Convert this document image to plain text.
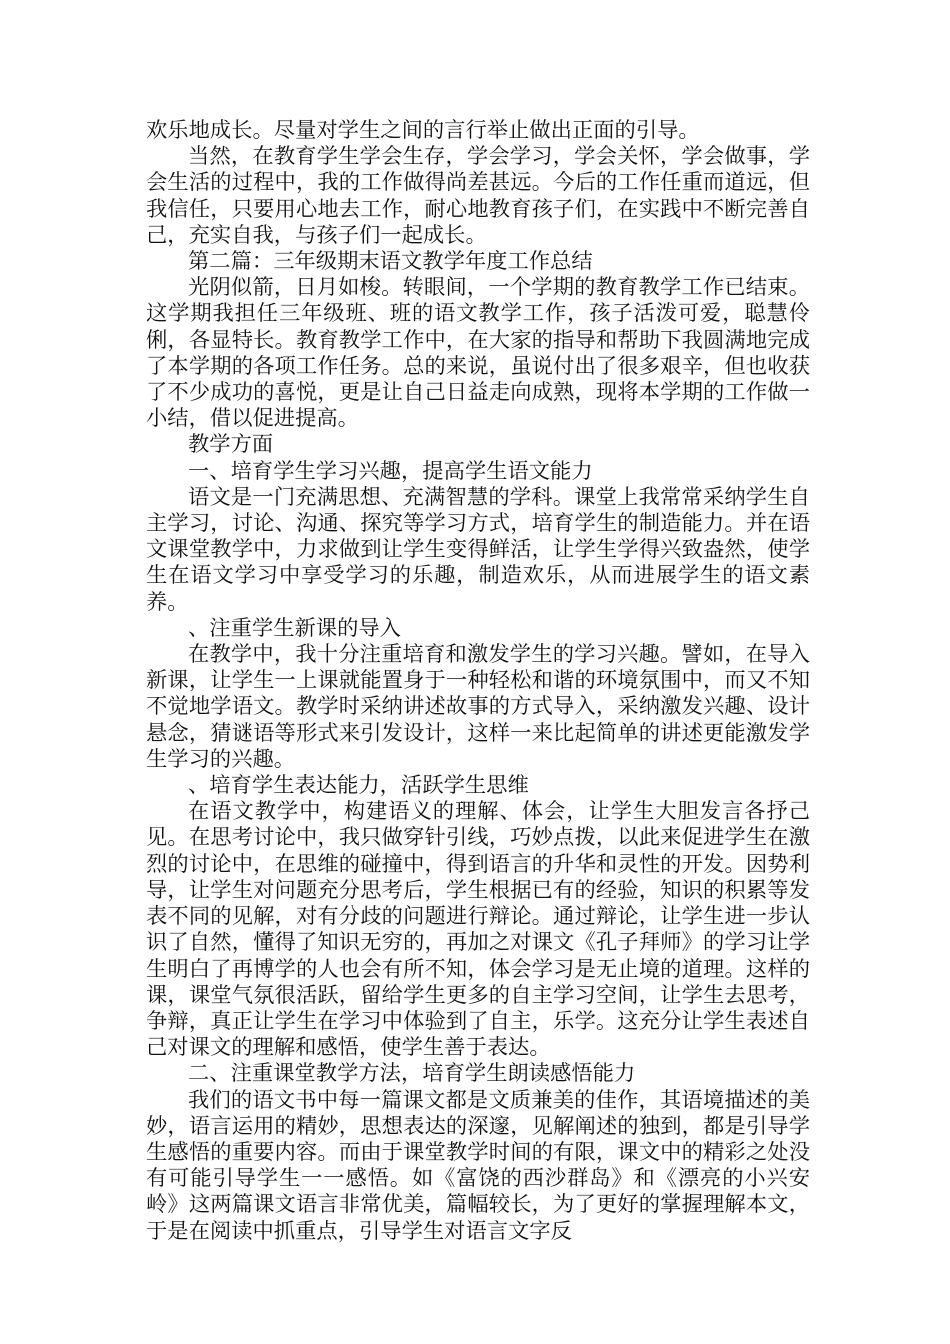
欢乐地成长。尽量对学生之间的言行举止做出正面的引导。

当然，在教育学生学会生存，学会学习，学会关怀，学会做事，学会生活的过程中，我的工作做得尚差甚远。今后的工作任重而道远，但我信任，只要用心地去工作，耐心地教育孩子们，在实践中不断完善自己，充实自我，与孩子们一起成长。

第二篇：三年级期末语文教学年度工作总结

光阴似箭，日月如梭。转眼间，一个学期的教育教学工作已结束。这学期我担任三年级班、班的语文教学工作，孩子活泼可爱，聪慧伶俐，各显特长。教育教学工作中，在大家的指导和帮助下我圆满地完成了本学期的各项工作任务。总的来说，虽说付出了很多艰辛，但也收获了不少成功的喜悦，更是让自己日益走向成熟，现将本学期的工作做一小结，借以促进提高。

教学方面

一、培育学生学习兴趣，提高学生语文能力

语文是一门充满思想、充满智慧的学科。课堂上我常常采纳学生自主学习，讨论、沟通、探究等学习方式，培育学生的制造能力。并在语文课堂教学中，力求做到让学生变得鲜活，让学生学得兴致盎然，使学生在语文学习中享受学习的乐趣，制造欢乐，从而进展学生的语文素养。

、注重学生新课的导入

在教学中，我十分注重培育和激发学生的学习兴趣。譬如，在导入新课，让学生一上课就能置身于一种轻松和谐的环境氛围中，而又不知不觉地学语文。教学时采纳讲述故事的方式导入，采纳激发兴趣、设计悬念，猜谜语等形式来引发设计，这样一来比起简单的讲述更能激发学生学习的兴趣。

、培育学生表达能力，活跃学生思维

在语文教学中，构建语义的理解、体会，让学生大胆发言各抒己见。在思考讨论中，我只做穿针引线，巧妙点拨，以此来促进学生在激烈的讨论中，在思维的碰撞中，得到语言的升华和灵性的开发。因势利导，让学生对问题充分思考后，学生根据已有的经验，知识的积累等发表不同的见解，对有分歧的问题进行辩论。通过辩论，让学生进一步认识了自然，懂得了知识无穷的，再加之对课文《孔子拜师》的学习让学生明白了再博学的人也会有所不知，体会学习是无止境的道理。这样的课，课堂气氛很活跃，留给学生更多的自主学习空间，让学生去思考，争辩，真正让学生在学习中体验到了自主，乐学。这充分让学生表述自己对课文的理解和感悟，使学生善于表达。

二、注重课堂教学方法，培育学生朗读感悟能力

我们的语文书中每一篇课文都是文质兼美的佳作，其语境描述的美妙，语言运用的精妙，思想表达的深邃，见解阐述的独到，都是引导学生感悟的重要内容。而由于课堂教学时间的有限，课文中的精彩之处没有可能引导学生一一感悟。如《富饶的西沙群岛》和《漂亮的小兴安岭》这两篇课文语言非常优美，篇幅较长，为了更好的掌握理解本文，于是在阅读中抓重点，引导学生对语言文字反
